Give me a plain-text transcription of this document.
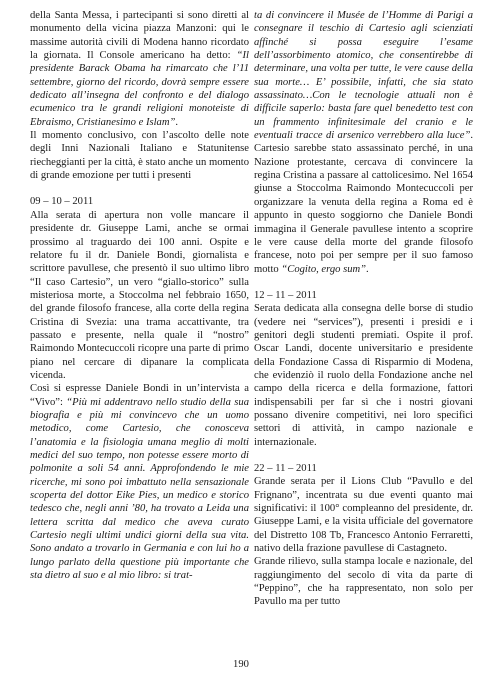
della Santa Messa, i partecipanti si sono diretti al monumento della vicina piazza Manzoni: qui le massime autorità civili di Modena hanno ricordato la giornata. Il Console americano ha detto: “Il presidente Barack Obama ha rimarcato che l’11 settembre, giorno del ricordo, dovrà sempre essere dedicato all’insegna del confronto e del dialogo ecumenico tra le grandi religioni monoteiste di Ebraismo, Cristianesimo e Islam”.

Il momento conclusivo, con l’ascolto delle note degli Inni Nazionali Italiano e Statunitense riecheggianti per la città, è stato anche un momento di grande emozione per tutti i presenti

09 – 10 – 2011

Alla serata di apertura non volle mancare il presidente dr. Giuseppe Lami, anche se ormai prossimo al traguardo dei 100 anni. Ospite e relatore fu il dr. Daniele Bondi, giornalista e scrittore pavullese, che presentò il suo ultimo libro “Il caso Cartesio”, un vero “giallo-storico” sulla misteriosa morte, a Stoccolma nel febbraio 1650, del grande filosofo francese, alla corte della regina Cristina di Svezia: una trama accattivante, tra passato e presente, nella quale il “nostro” Raimondo Montecuccoli ricopre una parte di primo piano nel cercare di dipanare la complicata vicenda.

Così si espresse Daniele Bondi in un’intervista a “Vivo”: “Più mi addentravo nello studio della sua biografia e più mi convincevo che un uomo metodico, come Cartesio, che conosceva l’anatomia e la fisiologia umana meglio di molti medici del suo tempo, non potesse essere morto di polmonite a soli 54 anni. Approfondendo le mie ricerche, mi sono poi imbattuto nella sensazionale scoperta del dottor Eike Pies, un medico e storico tedesco che, negli anni ’80, ha trovato a Leida una lettera scritta dal medico che aveva curato Cartesio negli ultimi undici giorni della sua vita. Sono andato a trovarlo in Germania e con lui ho a lungo parlato della questione più importante che sta dietro al suo e al mio libro: si trat-

ta di convincere il Musée de l’Homme di Parigi a consegnare il teschio di Cartesio agli scienziati affinché si possa eseguire l’esame dell’assorbimento atomico, che consentirebbe di determinare, una volta per tutte, le vere cause della sua morte… E’ possibile, infatti, che sia stato assassinato…Con le tecnologie attuali non è difficile saperlo: basta fare quel benedetto test con un frammento infinitesimale del cranio e le eventuali tracce di arsenico verrebbero alla luce”. Cartesio sarebbe stato assassinato perché, in una Nazione protestante, cercava di convincere la regina Cristina a passare al cattolicesimo. Nel 1654 giunse a Stoccolma Raimondo Montecuccoli per organizzare la venuta della regina a Roma ed è appunto in questo soggiorno che Daniele Bondi immagina il Generale pavullese intento a scoprire le vere cause della morte del grande filosofo francese, noto poi per sempre per il suo famoso motto “Cogito, ergo sum”.

12 – 11 – 2011

Serata dedicata alla consegna delle borse di studio (vedere nei “services”), presenti i presidi e i genitori degli studenti premiati. Ospite il prof. Oscar Landi, docente universitario e presidente della Fondazione Cassa di Risparmio di Modena, che evidenziò il ruolo della Fondazione anche nel campo della ricerca e della formazione, fattori indispensabili per far sì che i nostri giovani possano divenire competitivi, nei loro specifici settori di attività, in campo nazionale e internazionale.

22 – 11 – 2011

Grande serata per il Lions Club “Pavullo e del Frignano”, incentrata su due eventi quanto mai significativi: il 100° compleanno del presidente, dr. Giuseppe Lami, e la visita ufficiale del governatore del Distretto 108 Tb, Francesco Antonio Ferraretti, nativo della frazione pavullese di Castagneto.

Grande rilievo, sulla stampa locale e nazionale, del raggiungimento del secolo di vita da parte di “Peppino”, che ha rappresentato, non solo per Pavullo ma per tutto

190
